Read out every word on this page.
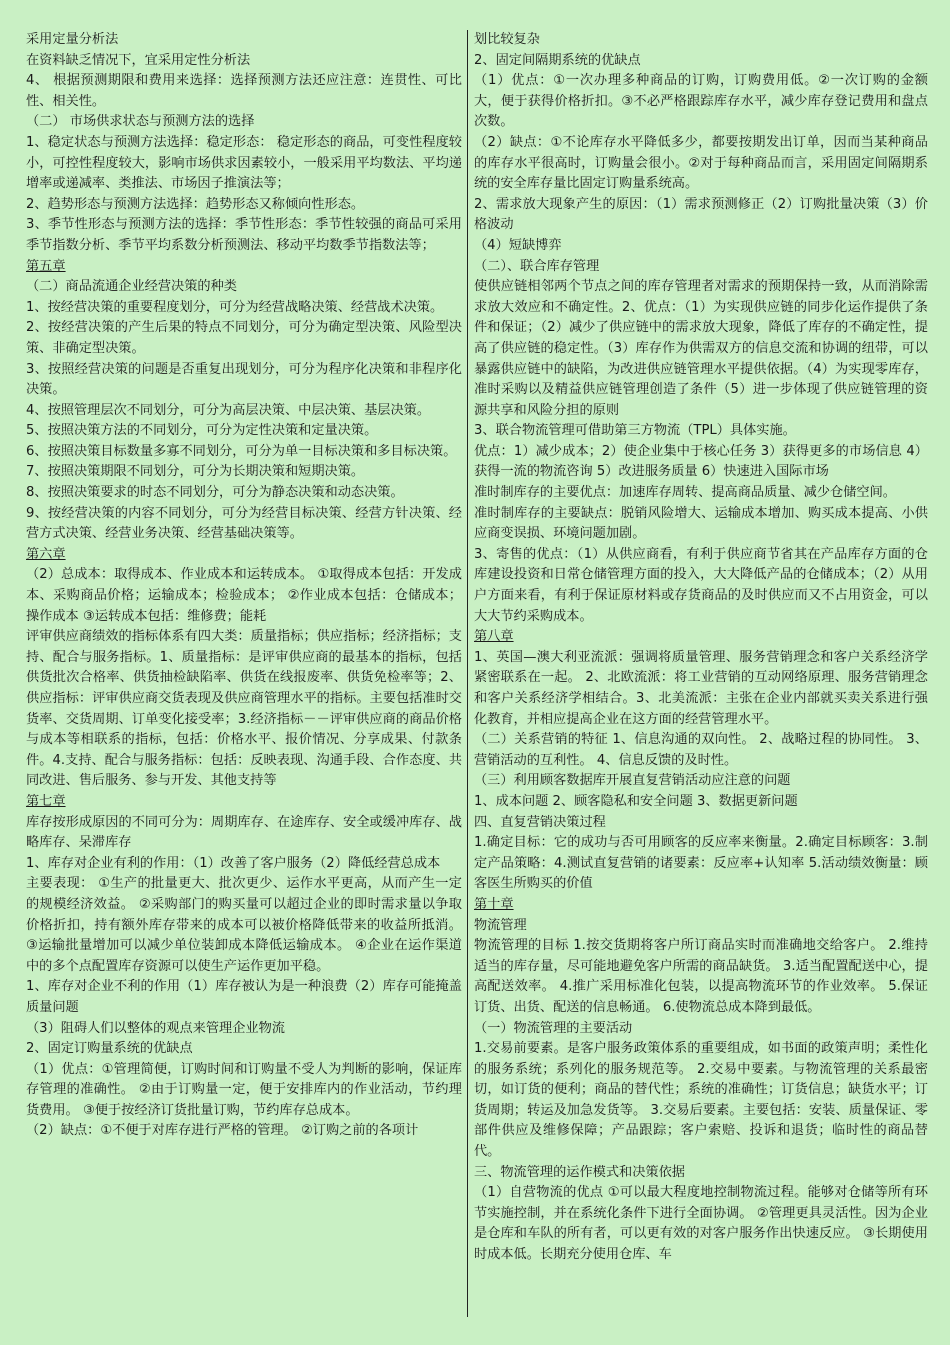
采用定量分析法

在资料缺乏情况下，宜采用定性分析法

4、 根据预测期限和费用来选择：选择预测方法还应注意：连贯性、可比性、相关性。

（二） 市场供求状态与预测方法的选择

1、稳定状态与预测方法选择：稳定形态： 稳定形态的商品，可变性程度较小，可控性程度较大，影响市场供求因素较小，一般采用平均数法、平均递增率或递减率、类推法、市场因子推演法等；

2、趋势形态与预测方法选择：趋势形态又称倾向性形态。

3、季节性形态与预测方法的选择：季节性形态：季节性较强的商品可采用季节指数分析、季节平均系数分析预测法、移动平均数季节指数法等；

第五章

（二）商品流通企业经营决策的种类

1、按经营决策的重要程度划分，可分为经营战略决策、经营战术决策。

2、按经营决策的产生后果的特点不同划分，可分为确定型决策、风险型决策、非确定型决策。

3、按照经营决策的问题是否重复出现划分，可分为程序化决策和非程序化决策。

4、按照管理层次不同划分，可分为高层决策、中层决策、基层决策。

5、按照决策方法的不同划分，可分为定性决策和定量决策。

6、按照决策目标数量多寡不同划分，可分为单一目标决策和多目标决策。

7、按照决策期限不同划分，可分为长期决策和短期决策。

8、按照决策要求的时态不同划分，可分为静态决策和动态决策。

9、按经营决策的内容不同划分，可分为经营目标决策、经营方针决策、经营方式决策、经营业务决策、经营基础决策等。

第六章

（2）总成本：取得成本、作业成本和运转成本。 ①取得成本包括：开发成本、采购商品价格；运输成本；检验成本； ②作业成本包括：仓储成本；操作成本 ③运转成本包括：维修费；能耗

评审供应商绩效的指标体系有四大类：质量指标；供应指标；经济指标；支持、配合与服务指标。1、质量指标：是评审供应商的最基本的指标，包括供货批次合格率、供货抽检缺陷率、供货在线报废率、供货免检率等；2、供应指标：评审供应商交货表现及供应商管理水平的指标。主要包括准时交货率、交货周期、订单变化接受率；3.经济指标－－评审供应商的商品价格与成本等相联系的指标，包括：价格水平、报价情况、分享成果、付款条件。4.支持、配合与服务指标：包括：反映表现、沟通手段、合作态度、共同改进、售后服务、参与开发、其他支持等

第七章

库存按形成原因的不同可分为：周期库存、在途库存、安全或缓冲库存、战略库存、呆滞库存

1、库存对企业有利的作用：（1）改善了客户服务（2）降低经营总成本

主要表现： ①生产的批量更大、批次更少、运作水平更高，从而产生一定的规模经济效益。 ②采购部门的购买量可以超过企业的即时需求量以争取价格折扣，持有额外库存带来的成本可以被价格降低带来的收益所抵消。 ③运输批量增加可以减少单位装卸成本降低运输成本。 ④企业在运作渠道中的多个点配置库存资源可以使生产运作更加平稳。

1、库存对企业不利的作用（1）库存被认为是一种浪费（2）库存可能掩盖质量问题

（3）阻碍人们以整体的观点来管理企业物流

2、固定订购量系统的优缺点

（1）优点：①管理简便，订购时间和订购量不受人为判断的影响，保证库存管理的准确性。 ②由于订购量一定，便于安排库内的作业活动，节约理货费用。 ③便于按经济订货批量订购，节约库存总成本。

（2）缺点：①不便于对库存进行严格的管理。 ②订购之前的各项计

划比较复杂

2、固定间隔期系统的优缺点

（1）优点：①一次办理多种商品的订购，订购费用低。②一次订购的金额大，便于获得价格折扣。③不必严格跟踪库存水平，减少库存登记费用和盘点次数。

（2）缺点：①不论库存水平降低多少，都要按期发出订单，因而当某种商品的库存水平很高时，订购量会很小。②对于每种商品而言，采用固定间隔期系统的安全库存量比固定订购量系统高。

2、需求放大现象产生的原因：（1）需求预测修正（2）订购批量决策（3）价格波动

（4）短缺博弈

（二）、联合库存管理

使供应链相邻两个节点之间的库存管理者对需求的预期保持一致，从而消除需求放大效应和不确定性。2、优点：（1）为实现供应链的同步化运作提供了条件和保证；（2）减少了供应链中的需求放大现象，降低了库存的不确定性，提高了供应链的稳定性。（3）库存作为供需双方的信息交流和协调的纽带，可以暴露供应链中的缺陷，为改进供应链管理水平提供依据。（4）为实现零库存，准时采购以及精益供应链管理创造了条件（5）进一步体现了供应链管理的资源共享和风险分担的原则

3、联合物流管理可借助第三方物流（TPL）具体实施。

优点：1）减少成本；2）使企业集中于核心任务 3）获得更多的市场信息 4）获得一流的物流咨询 5）改进服务质量 6）快速进入国际市场

准时制库存的主要优点：加速库存周转、提高商品质量、减少仓储空间。

准时制库存的主要缺点：脱销风险增大、运输成本增加、购买成本提高、小供应商变误损、环境问题加剧。

3、寄售的优点：（1）从供应商看，有利于供应商节省其在产品库存方面的仓库建设投资和日常仓储管理方面的投入，大大降低产品的仓储成本；（2）从用户方面来看，有利于保证原材料或存货商品的及时供应而又不占用资金，可以大大节约采购成本。

第八章

1、英国—澳大利亚流派：强调将质量管理、服务营销理念和客户关系经济学紧密联系在一起。 2、北欧流派：将工业营销的互动网络原理、服务营销理念和客户关系经济学相结合。3、北美流派：主张在企业内部就买卖关系进行强化教育，并相应提高企业在这方面的经营管理水平。

（二）关系营销的特征 1、信息沟通的双向性。 2、战略过程的协同性。 3、营销活动的互利性。 4、信息反馈的及时性。

（三）利用顾客数据库开展直复营销活动应注意的问题

1、成本问题 2、顾客隐私和安全问题 3、数据更新问题

四、直复营销决策过程

1.确定目标：它的成功与否可用顾客的反应率来衡量。2.确定目标顾客：3.制定产品策略：4.测试直复营销的诸要素：反应率+认知率 5.活动绩效衡量：顾客医生所购买的价值

第十章

物流管理

物流管理的目标 1.按交货期将客户所订商品实时而准确地交给客户。 2.维持适当的库存量，尽可能地避免客户所需的商品缺货。 3.适当配置配送中心，提高配送效率。 4.推广采用标准化包装，以提高物流环节的作业效率。 5.保证订货、出货、配送的信息畅通。 6.使物流总成本降到最低。

（一）物流管理的主要活动

1.交易前要素。是客户服务政策体系的重要组成，如书面的政策声明；柔性化的服务系统；系列化的服务规范等。 2.交易中要素。与物流管理的关系最密切，如订货的便利；商品的替代性；系统的准确性；订货信息；缺货水平；订货周期；转运及加急发货等。 3.交易后要素。主要包括：安装、质量保证、零部件供应及维修保障；产品跟踪；客户索赔、投诉和退货；临时性的商品替代。

三、物流管理的运作模式和决策依据

（1）自营物流的优点 ①可以最大程度地控制物流过程。能够对仓储等所有环节实施控制，并在系统化条件下进行全面协调。 ②管理更具灵活性。因为企业是仓库和车队的所有者，可以更有效的对客户服务作出快速反应。 ③长期使用时成本低。长期充分使用仓库、车
